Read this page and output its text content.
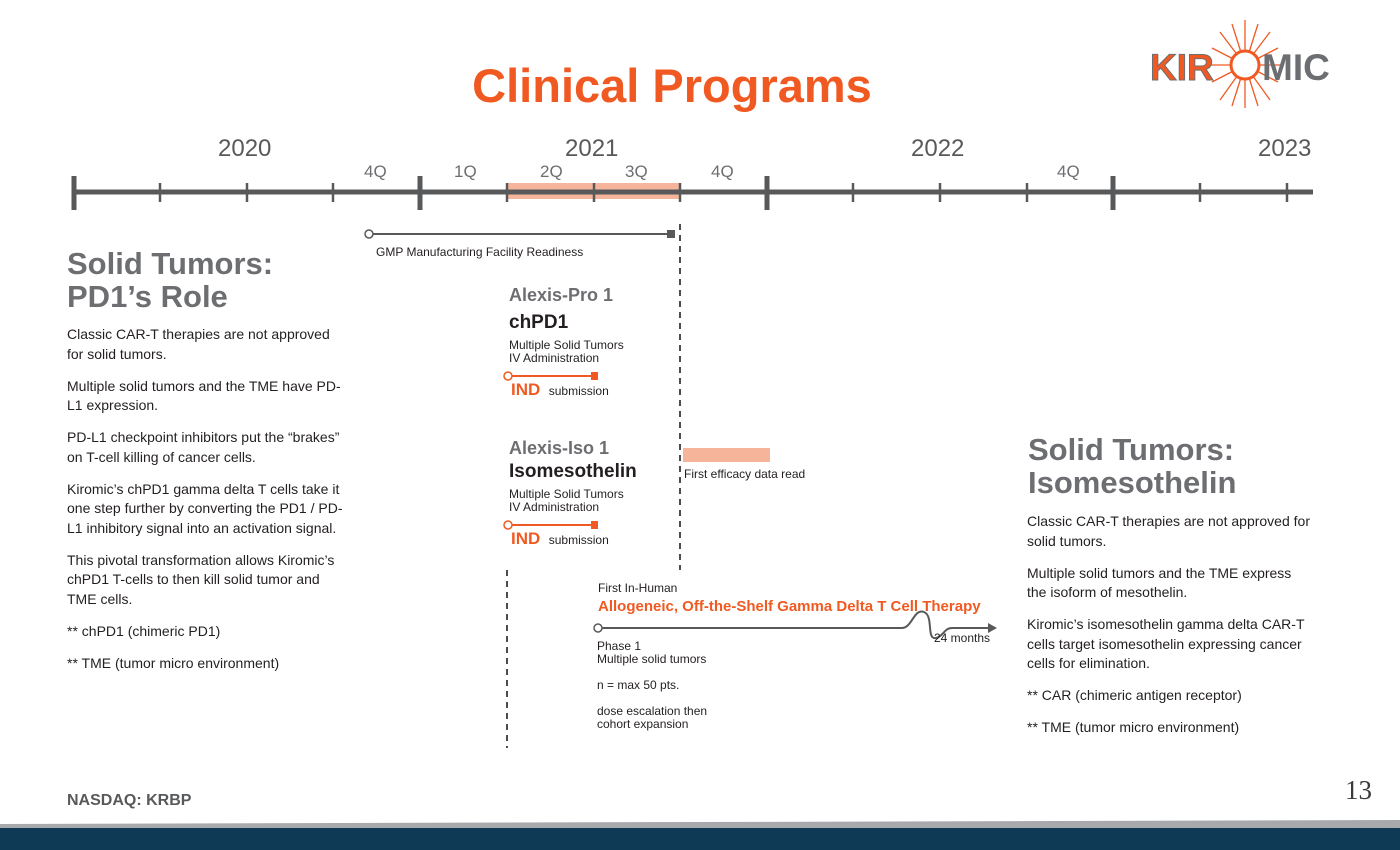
Clinical Programs	KIR MIC
2020	2021	2022	2023
4Q	1Q	2Q	3Q	4Q	4Q
GMP Manufacturing Facility Readiness
Solid Tumors:
PD1’s Role

Classic CAR-T therapies are not approved for solid tumors.

Multiple solid tumors and the TME have PD-L1 expression.

PD-L1 checkpoint inhibitors put the “brakes” on T-cell killing of cancer cells.

Kiromic’s chPD1 gamma delta T cells take it one step further by converting the PD1 / PD-L1 inhibitory signal into an activation signal.

This pivotal transformation allows Kiromic’s chPD1 T-cells to then kill solid tumor and TME cells.

** chPD1 (chimeric PD1)

** TME (tumor micro environment)

Alexis-Pro 1
chPD1
Multiple Solid Tumors
IV Administration
IND submission
Alexis-Iso 1
Isomesothelin
Multiple Solid Tumors
IV Administration
IND submission
First efficacy data read
First In-Human
Allogeneic, Off-the-Shelf Gamma Delta T Cell Therapy
24 months
Phase 1
Multiple solid tumors
n = max 50 pts.
dose escalation then
cohort expansion
Solid Tumors:
Isomesothelin

Classic CAR-T therapies are not approved for solid tumors.

Multiple solid tumors and the TME express the isoform of mesothelin.

Kiromic’s isomesothelin gamma delta CAR-T cells target isomesothelin expressing cancer cells for elimination.

** CAR (chimeric antigen receptor)

** TME (tumor micro environment)

NASDAQ: KRBP	13
